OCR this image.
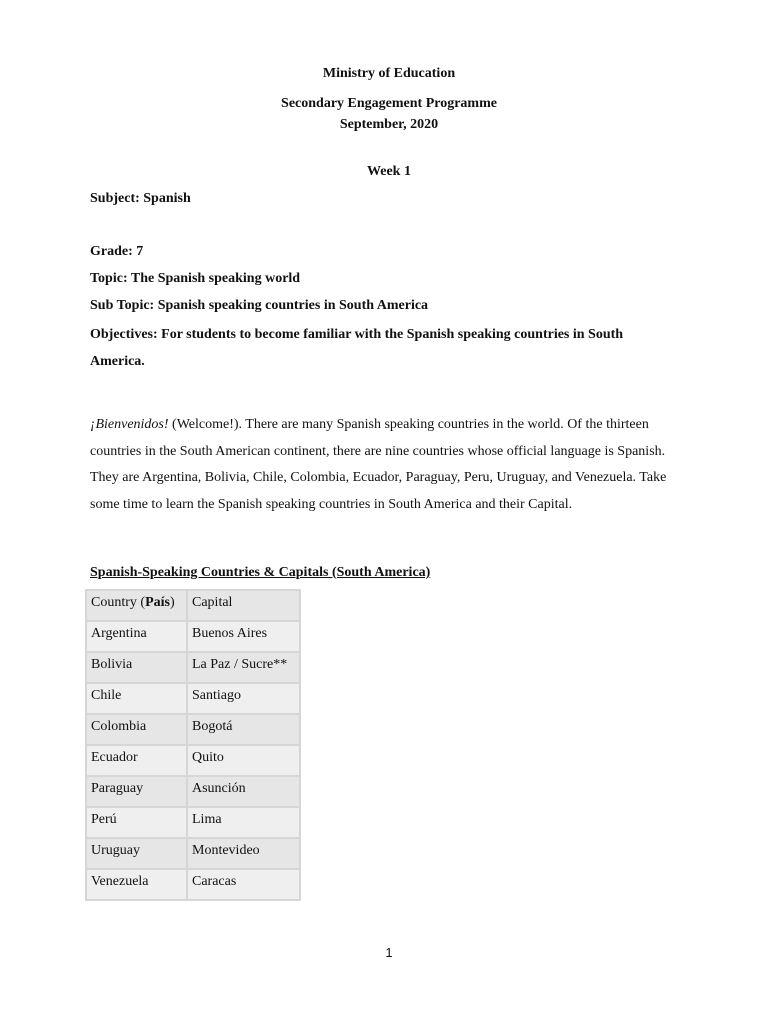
Ministry of Education
Secondary Engagement Programme
September, 2020
Week 1
Subject: Spanish
Grade: 7
Topic: The Spanish speaking world
Sub Topic: Spanish speaking countries in South America
Objectives: For students to become familiar with the Spanish speaking countries in South America.
¡Bienvenidos! (Welcome!). There are many Spanish speaking countries in the world. Of the thirteen countries in the South American continent, there are nine countries whose official language is Spanish. They are Argentina, Bolivia, Chile, Colombia, Ecuador, Paraguay, Peru, Uruguay, and Venezuela. Take some time to learn the Spanish speaking countries in South America and their Capital.
Spanish-Speaking Countries & Capitals (South America)
Country (País)	Capital
Argentina	Buenos Aires
Bolivia	La Paz / Sucre**
Chile	Santiago
Colombia	Bogotá
Ecuador	Quito
Paraguay	Asunción
Perú	Lima
Uruguay	Montevideo
Venezuela	Caracas
1
